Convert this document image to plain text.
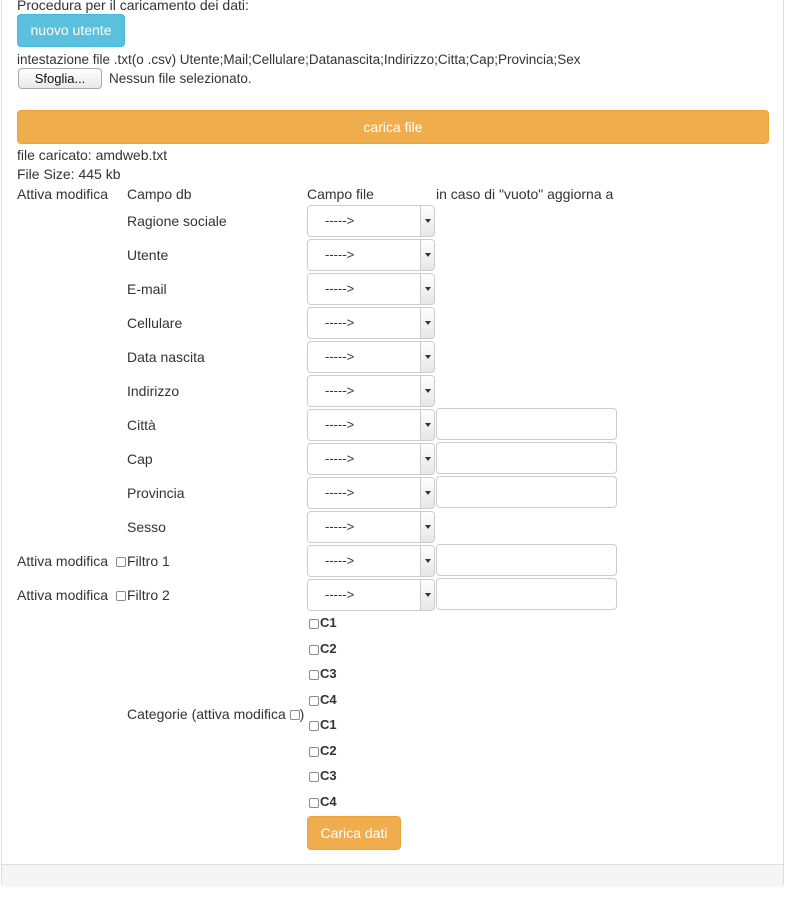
Procedura per il caricamento dei dati:
nuovo utente
intestazione file .txt(o .csv) Utente;Mail;Cellulare;Datanascita;Indirizzo;Citta;Cap;Provincia;Sex
Sfoglia...	Nessun file selezionato.
carica file
file caricato: amdweb.txt
File Size: 445 kb
Attiva modifica Campo db	Campo file	in caso di "vuoto" aggiorna a
Ragione sociale	----->
Utente	----->
E-mail	----->
Cellulare	----->
Data nascita	----->
Indirizzo	----->
Città	----->
Cap	----->
Provincia	----->
Sesso	----->
Attiva modifica Filtro 1	----->
Attiva modifica Filtro 2	----->
Categorie (attiva modifica )
C1
C2
C3
C4
C1
C2
C3
C4
Carica dati
